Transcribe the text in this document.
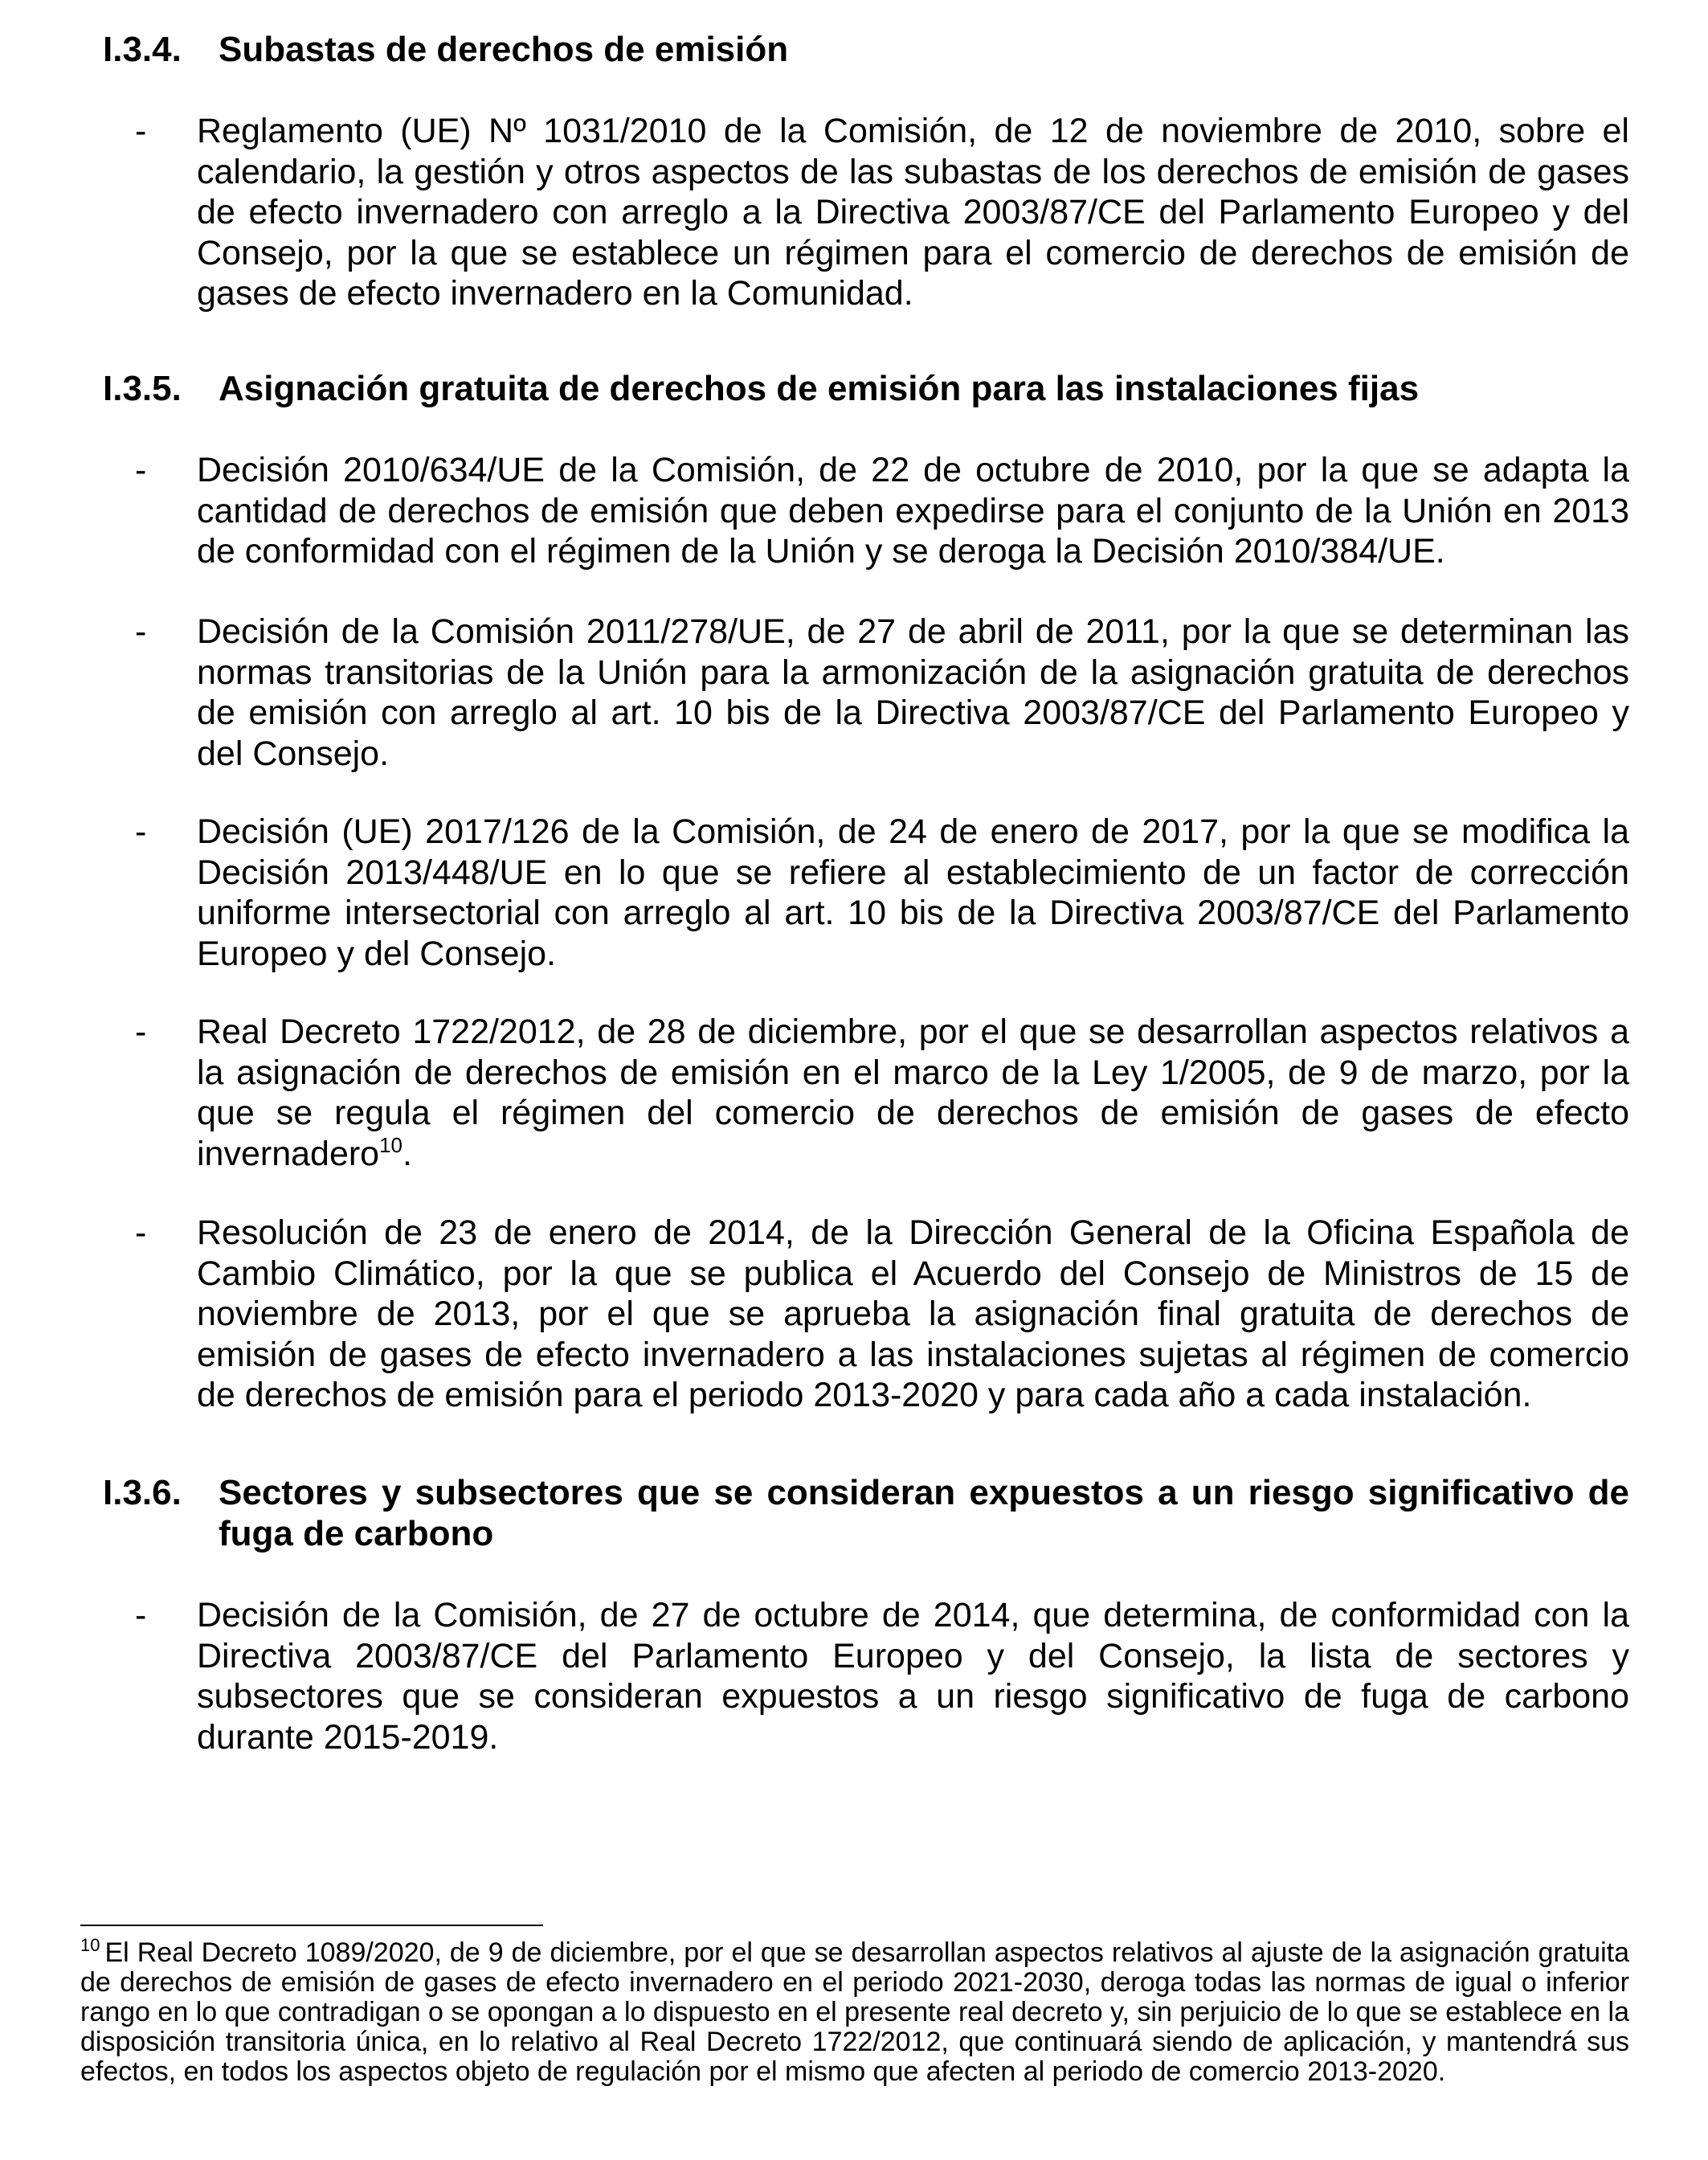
I.3.4. Subastas de derechos de emisión
- Reglamento (UE) Nº 1031/2010 de la Comisión, de 12 de noviembre de 2010, sobre el calendario, la gestión y otros aspectos de las subastas de los derechos de emisión de gases de efecto invernadero con arreglo a la Directiva 2003/87/CE del Parlamento Europeo y del Consejo, por la que se establece un régimen para el comercio de derechos de emisión de gases de efecto invernadero en la Comunidad.
I.3.5. Asignación gratuita de derechos de emisión para las instalaciones fijas
- Decisión 2010/634/UE de la Comisión, de 22 de octubre de 2010, por la que se adapta la cantidad de derechos de emisión que deben expedirse para el conjunto de la Unión en 2013 de conformidad con el régimen de la Unión y se deroga la Decisión 2010/384/UE.
- Decisión de la Comisión 2011/278/UE, de 27 de abril de 2011, por la que se determinan las normas transitorias de la Unión para la armonización de la asignación gratuita de derechos de emisión con arreglo al art. 10 bis de la Directiva 2003/87/CE del Parlamento Europeo y del Consejo.
- Decisión (UE) 2017/126 de la Comisión, de 24 de enero de 2017, por la que se modifica la Decisión 2013/448/UE en lo que se refiere al establecimiento de un factor de corrección uniforme intersectorial con arreglo al art. 10 bis de la Directiva 2003/87/CE del Parlamento Europeo y del Consejo.
- Real Decreto 1722/2012, de 28 de diciembre, por el que se desarrollan aspectos relativos a la asignación de derechos de emisión en el marco de la Ley 1/2005, de 9 de marzo, por la que se regula el régimen del comercio de derechos de emisión de gases de efecto invernadero$^{10}$.
- Resolución de 23 de enero de 2014, de la Dirección General de la Oficina Española de Cambio Climático, por la que se publica el Acuerdo del Consejo de Ministros de 15 de noviembre de 2013, por el que se aprueba la asignación final gratuita de derechos de emisión de gases de efecto invernadero a las instalaciones sujetas al régimen de comercio de derechos de emisión para el periodo 2013-2020 y para cada año a cada instalación.
I.3.6. Sectores y subsectores que se consideran expuestos a un riesgo significativo de fuga de carbono
- Decisión de la Comisión, de 27 de octubre de 2014, que determina, de conformidad con la Directiva 2003/87/CE del Parlamento Europeo y del Consejo, la lista de sectores y subsectores que se consideran expuestos a un riesgo significativo de fuga de carbono durante 2015-2019.
$^{10}$ El Real Decreto 1089/2020, de 9 de diciembre, por el que se desarrollan aspectos relativos al ajuste de la asignación gratuita de derechos de emisión de gases de efecto invernadero en el periodo 2021-2030, deroga todas las normas de igual o inferior rango en lo que contradigan o se opongan a lo dispuesto en el presente real decreto y, sin perjuicio de lo que se establece en la disposición transitoria única, en lo relativo al Real Decreto 1722/2012, que continuará siendo de aplicación, y mantendrá sus efectos, en todos los aspectos objeto de regulación por el mismo que afecten al periodo de comercio 2013-2020.
